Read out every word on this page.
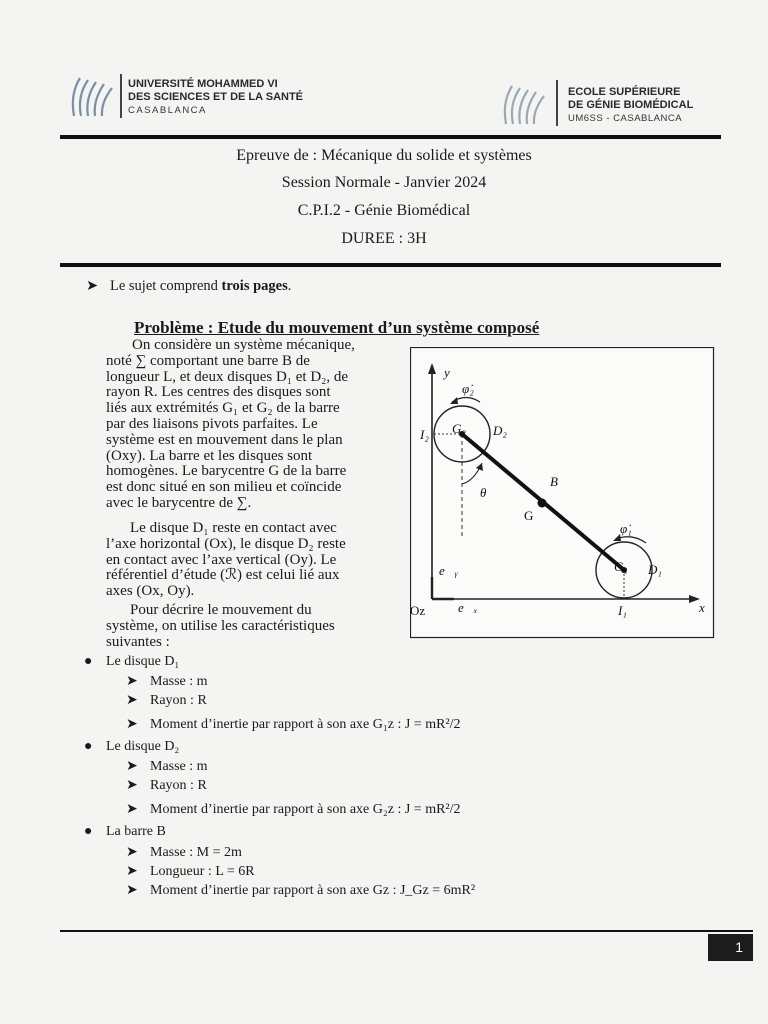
UNIVERSITÉ MOHAMMED VI
DES SCIENCES ET DE LA SANTÉ
CASABLANCA
ECOLE SUPÉRIEURE
DE GÉNIE BIOMÉDICAL
UM6SS - CASABLANCA
Epreuve de : Mécanique du solide et systèmes
Session Normale - Janvier 2024
C.P.I.2 - Génie Biomédical
DUREE : 3H
➤ Le sujet comprend trois pages.
Problème : Etude du mouvement d’un système composé
On considère un système mécanique,
noté ∑ comportant une barre B de
longueur L, et deux disques D₁ et D₂, de
rayon R. Les centres des disques sont
liés aux extrémités G₁ et G₂ de la barre
par des liaisons pivots parfaites. Le
système est en mouvement dans le plan
(Oxy). La barre et les disques sont
homogènes. Le barycentre G de la barre
est donc situé en son milieu et coïncide
avec le barycentre de ∑.
Le disque D₁ reste en contact avec
l’axe horizontal (Ox), le disque D₂ reste
en contact avec l’axe vertical (Oy). Le
référentiel d’étude (ℛ) est celui lié aux
axes (Ox, Oy).
Pour décrire le mouvement du
système, on utilise les caractéristiques
suivantes :
y
x
e⃗ₓ
e⃗ᵧ
G₂ D₂
I₂
φ̇₂
G₁ D₁
I₁
φ̇₁
θ
B
Oz
G
● Le disque D₁
➤ Masse : m
➤ Rayon : R
➤ Moment d’inertie par rapport à son axe G₁z : J = mR²/2
● Le disque D₂
➤ Masse : m
➤ Rayon : R
➤ Moment d’inertie par rapport à son axe G₂z : J = mR²/2
● La barre B
➤ Masse : M = 2m
➤ Longueur : L = 6R
➤ Moment d’inertie par rapport à son axe Gz : J_Gz = 6mR²
1
